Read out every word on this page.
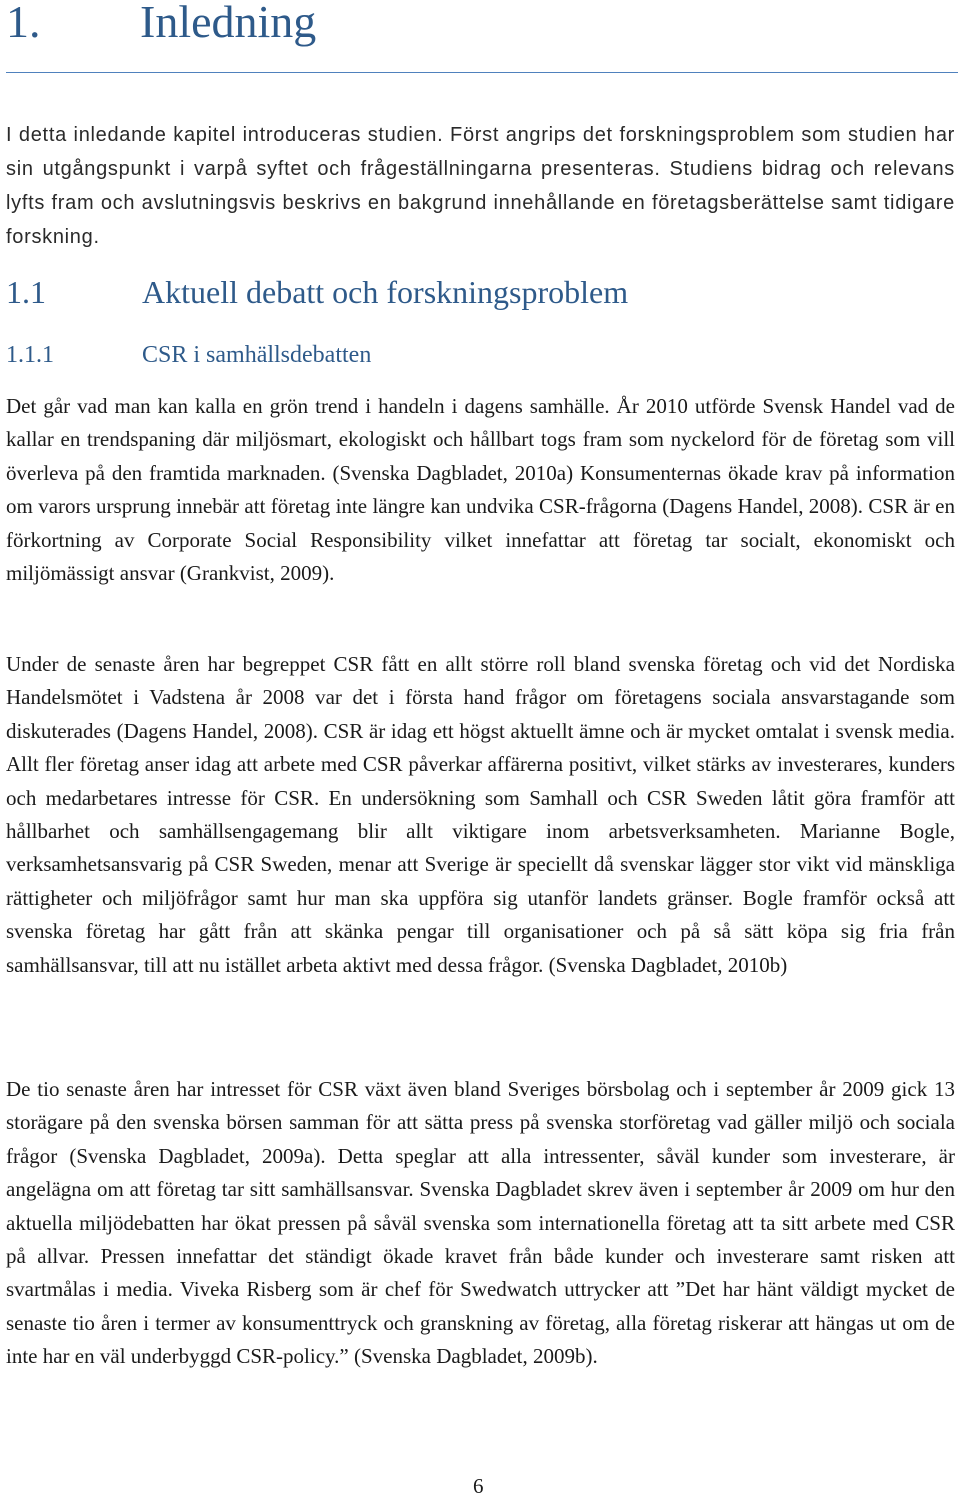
1. Inledning
I detta inledande kapitel introduceras studien. Först angrips det forskningsproblem som studien har sin utgångspunkt i varpå syftet och frågeställningarna presenteras. Studiens bidrag och relevans lyfts fram och avslutningsvis beskrivs en bakgrund innehållande en företagsberättelse samt tidigare forskning.
1.1	Aktuell debatt och forskningsproblem
1.1.1	CSR i samhällsdebatten
Det går vad man kan kalla en grön trend i handeln i dagens samhälle. År 2010 utförde Svensk Handel vad de kallar en trendspaning där miljösmart, ekologiskt och hållbart togs fram som nyckelord för de företag som vill överleva på den framtida marknaden. (Svenska Dagbladet, 2010a) Konsumenternas ökade krav på information om varors ursprung innebär att företag inte längre kan undvika CSR-frågorna (Dagens Handel, 2008). CSR är en förkortning av Corporate Social Responsibility vilket innefattar att företag tar socialt, ekonomiskt och miljömässigt ansvar (Grankvist, 2009).
Under de senaste åren har begreppet CSR fått en allt större roll bland svenska företag och vid det Nordiska Handelsmötet i Vadstena år 2008 var det i första hand frågor om företagens sociala ansvarstagande som diskuterades (Dagens Handel, 2008). CSR är idag ett högst aktuellt ämne och är mycket omtalat i svensk media. Allt fler företag anser idag att arbete med CSR påverkar affärerna positivt, vilket stärks av investerares, kunders och medarbetares intresse för CSR. En undersökning som Samhall och CSR Sweden låtit göra framför att hållbarhet och samhällsengagemang blir allt viktigare inom arbetsverksamheten. Marianne Bogle, verksamhetsansvarig på CSR Sweden, menar att Sverige är speciellt då svenskar lägger stor vikt vid mänskliga rättigheter och miljöfrågor samt hur man ska uppföra sig utanför landets gränser. Bogle framför också att svenska företag har gått från att skänka pengar till organisationer och på så sätt köpa sig fria från samhällsansvar, till att nu istället arbeta aktivt med dessa frågor. (Svenska Dagbladet, 2010b)
De tio senaste åren har intresset för CSR växt även bland Sveriges börsbolag och i september år 2009 gick 13 storägare på den svenska börsen samman för att sätta press på svenska storföretag vad gäller miljö och sociala frågor (Svenska Dagbladet, 2009a). Detta speglar att alla intressenter, såväl kunder som investerare, är angelägna om att företag tar sitt samhällsansvar. Svenska Dagbladet skrev även i september år 2009 om hur den aktuella miljödebatten har ökat pressen på såväl svenska som internationella företag att ta sitt arbete med CSR på allvar. Pressen innefattar det ständigt ökade kravet från både kunder och investerare samt risken att svartmålas i media. Viveka Risberg som är chef för Swedwatch uttrycker att ”Det har hänt väldigt mycket de senaste tio åren i termer av konsumenttryck och granskning av företag, alla företag riskerar att hängas ut om de inte har en väl underbyggd CSR-policy.” (Svenska Dagbladet, 2009b).
6
